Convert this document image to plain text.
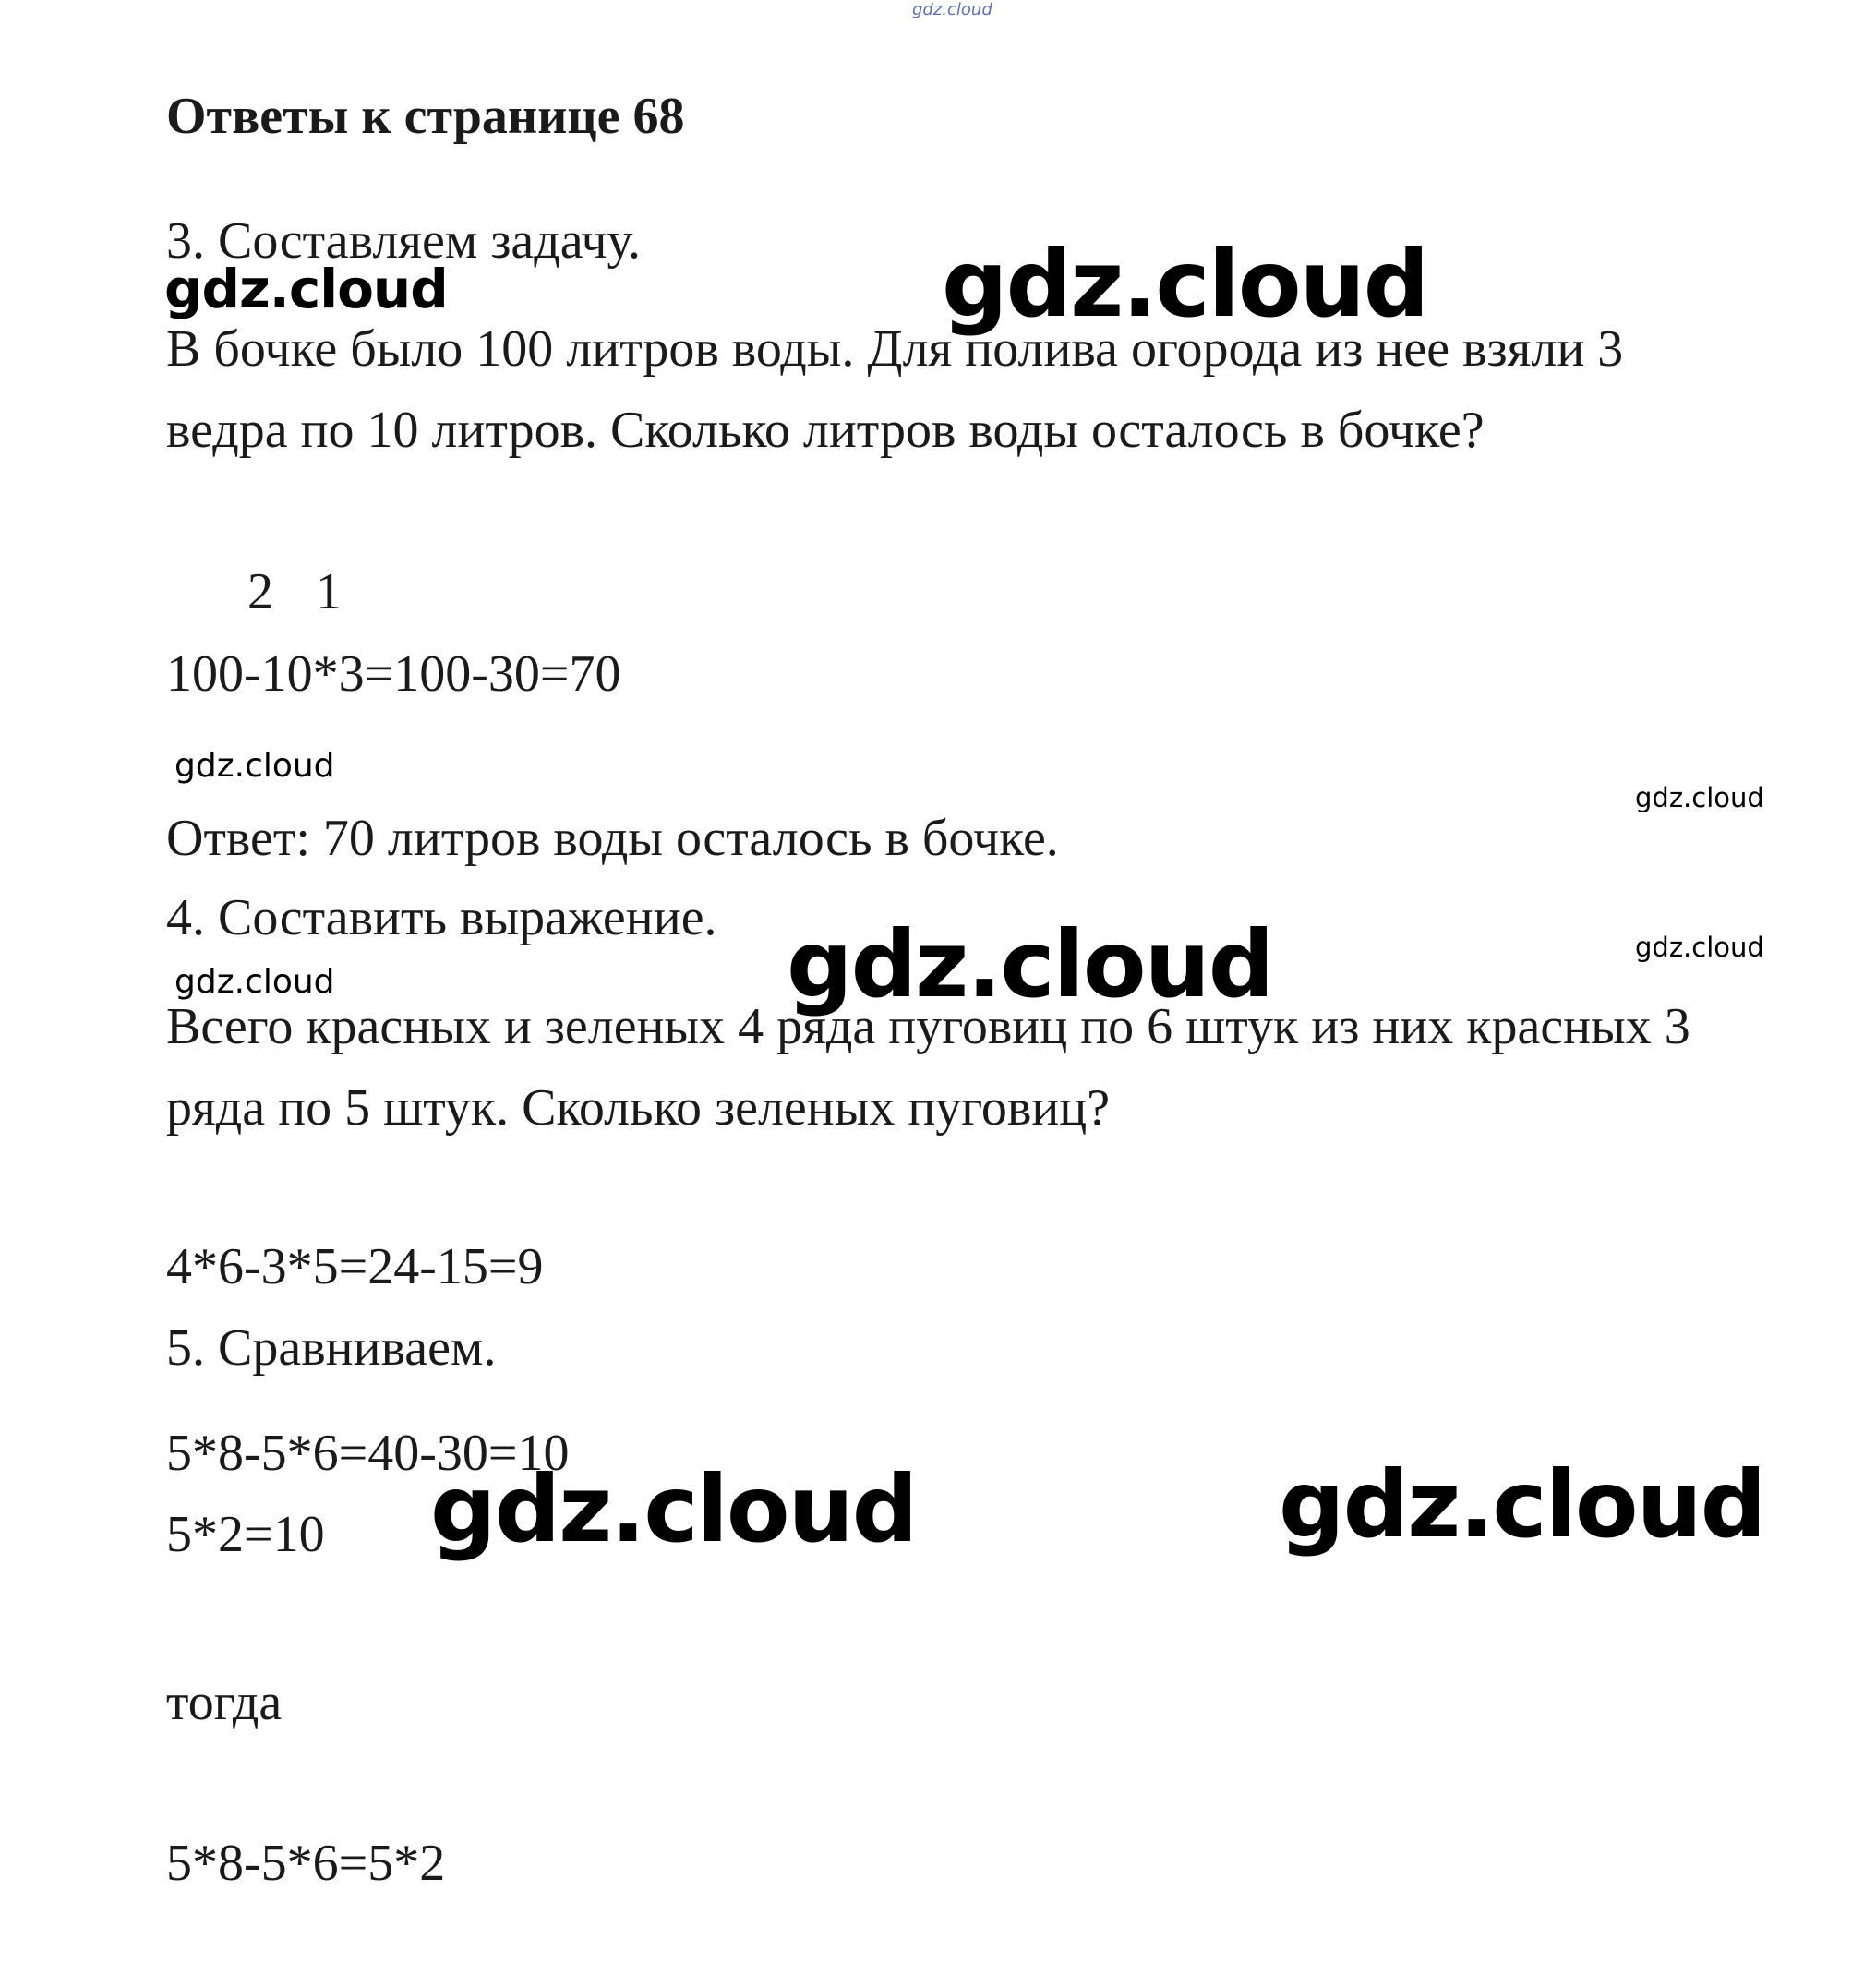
gdz.cloud
Ответы к странице 68
3. Составляем задачу.
gdz.cloud	gdz.cloud
В бочке было 100 литров воды. Для полива огорода из нее взяли 3
ведра по 10 литров. Сколько литров воды осталось в бочке?
2 1
100-10*3=100-30=70
gdz.cloud
gdz.cloud
Ответ: 70 литров воды осталось в бочке.
4. Составить выражение. gdz.cloud	gdz.cloud
gdz.cloud
Всего красных и зеленых 4 ряда пуговиц по 6 штук из них красных 3
ряда по 5 штук. Сколько зеленых пуговиц?
4*6-3*5=24-15=9
5. Сравниваем.
5*8-5*6=40-30=10
5*2=10 gdz.cloud	gdz.cloud
тогда
5*8-5*6=5*2
